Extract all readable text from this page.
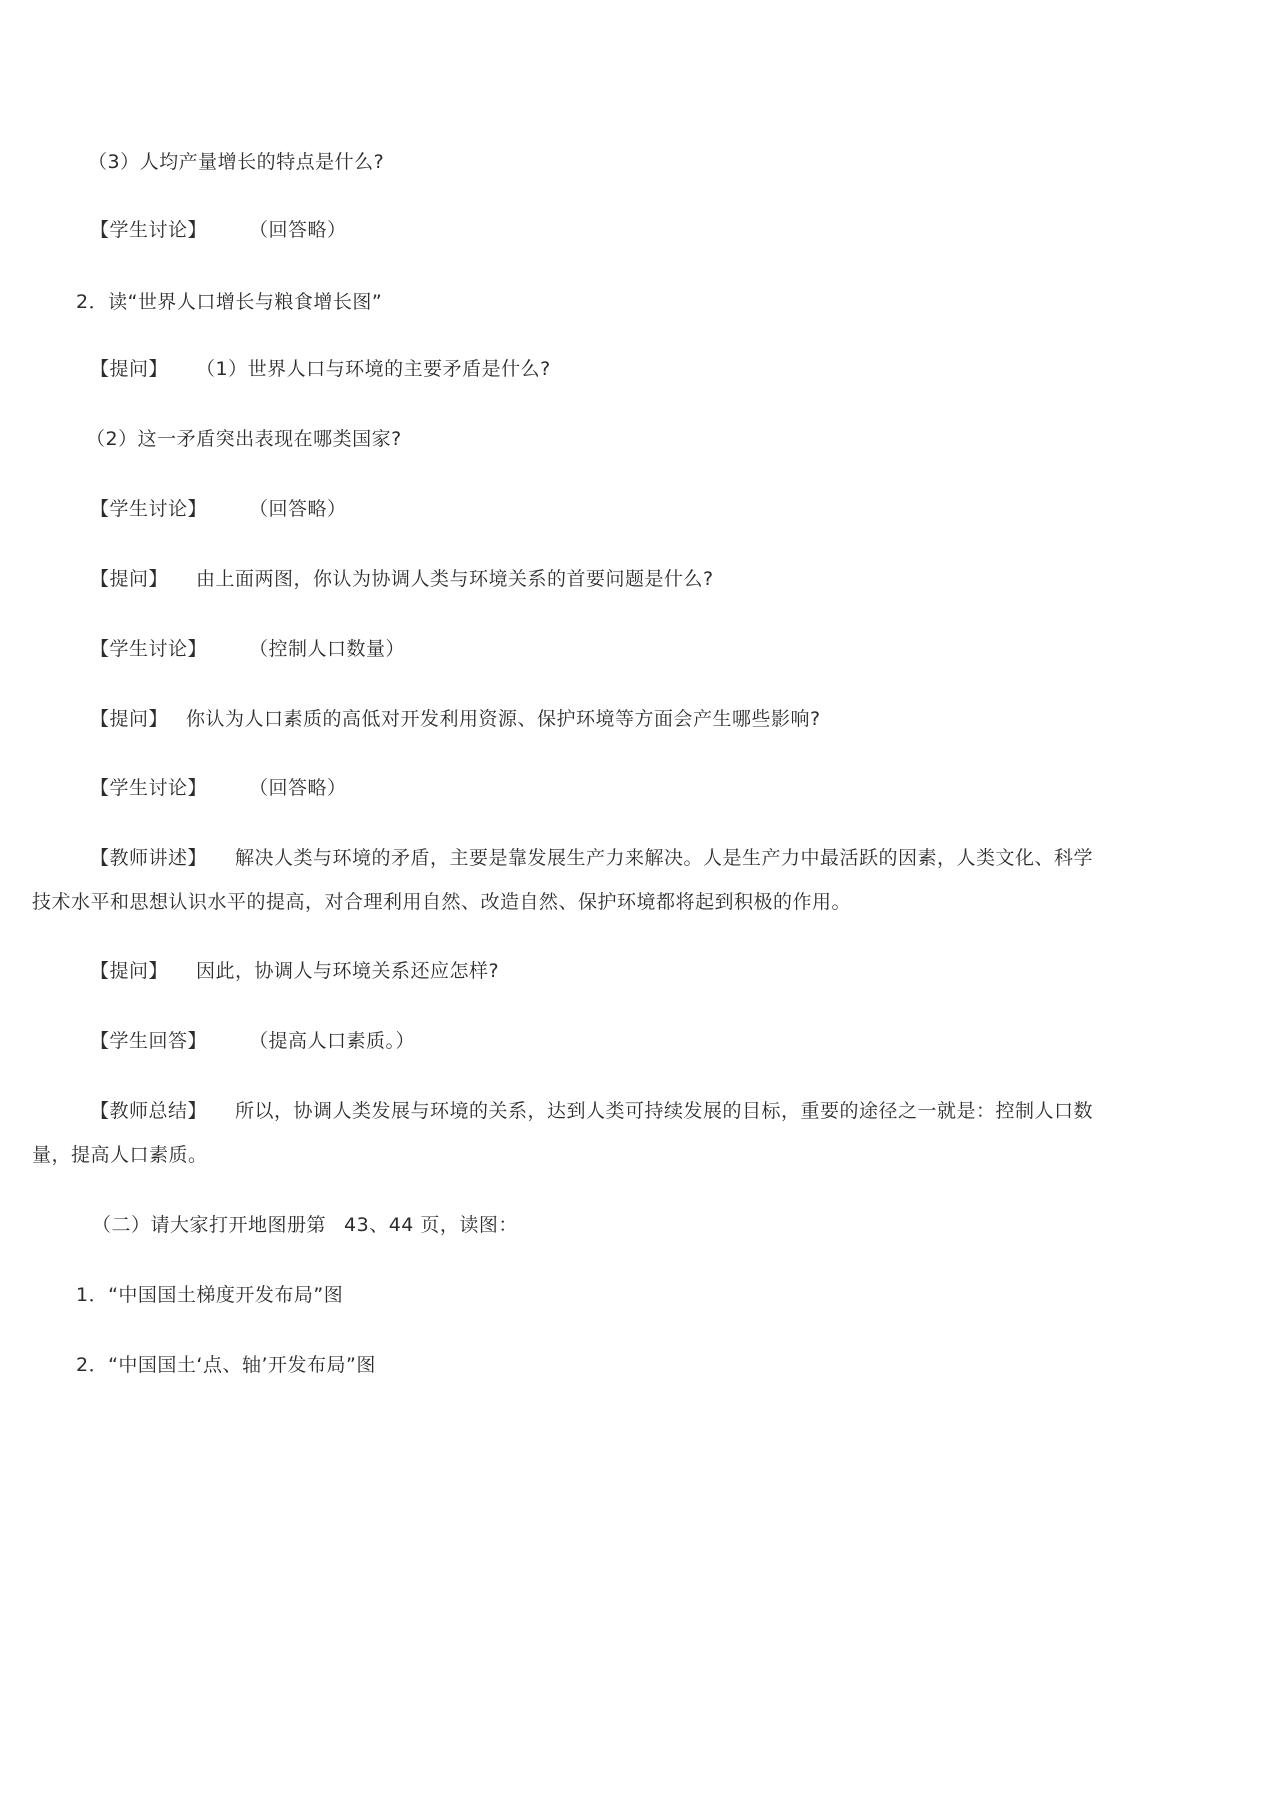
（3）人均产量增长的特点是什么?
【学生讨论】 （回答略）
2．读“世界人口增长与粮食增长图”
【提问】 （1）世界人口与环境的主要矛盾是什么?
（2）这一矛盾突出表现在哪类国家?
【学生讨论】 （回答略）
【提问】 由上面两图，你认为协调人类与环境关系的首要问题是什么?
【学生讨论】 （控制人口数量）
【提问】 你认为人口素质的高低对开发利用资源、保护环境等方面会产生哪些影响?
【学生讨论】 （回答略）
【教师讲述】 解决人类与环境的矛盾，主要是靠发展生产力来解决。人是生产力中最活跃的因素，人类文化、科学
技术水平和思想认识水平的提高，对合理利用自然、改造自然、保护环境都将起到积极的作用。
【提问】 因此，协调人与环境关系还应怎样?
【学生回答】 （提高人口素质。）
【教师总结】 所以，协调人类发展与环境的关系，达到人类可持续发展的目标，重要的途径之一就是：控制人口数
量，提高人口素质。
（二）请大家打开地图册第 43、44 页，读图：
1．“中国国土梯度开发布局”图
2．“中国国土‘点、轴’开发布局”图
